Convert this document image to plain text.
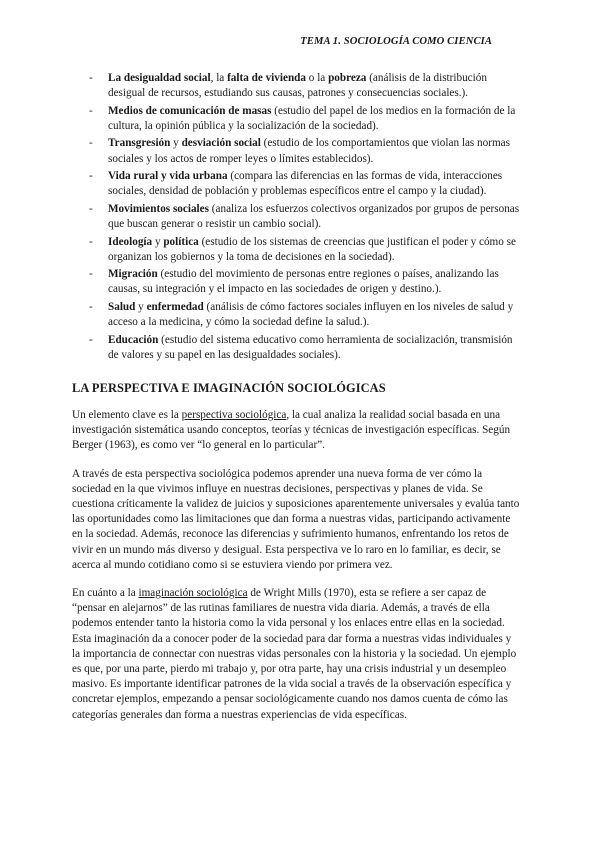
TEMA 1. SOCIOLOGÍA COMO CIENCIA
- La desigualdad social, la falta de vivienda o la pobreza (análisis de la distribución desigual de recursos, estudiando sus causas, patrones y consecuencias sociales.).
- Medios de comunicación de masas (estudio del papel de los medios en la formación de la cultura, la opinión pública y la socialización de la sociedad).
- Transgresión y desviación social (estudio de los comportamientos que violan las normas sociales y los actos de romper leyes o límites establecidos).
- Vida rural y vida urbana (compara las diferencias en las formas de vida, interacciones sociales, densidad de población y problemas específicos entre el campo y la ciudad).
- Movimientos sociales (analiza los esfuerzos colectivos organizados por grupos de personas que buscan generar o resistir un cambio social).
- Ideología y política (estudio de los sistemas de creencias que justifican el poder y cómo se organizan los gobiernos y la toma de decisiones en la sociedad).
- Migración (estudio del movimiento de personas entre regiones o países, analizando las causas, su integración y el impacto en las sociedades de origen y destino.).
- Salud y enfermedad (análisis de cómo factores sociales influyen en los niveles de salud y acceso a la medicina, y cómo la sociedad define la salud.).
- Educación (estudio del sistema educativo como herramienta de socialización, transmisión de valores y su papel en las desigualdades sociales).
LA PERSPECTIVA E IMAGINACIÓN SOCIOLÓGICAS

Un elemento clave es la perspectiva sociológica, la cual analiza la realidad social basada en una investigación sistemática usando conceptos, teorías y técnicas de investigación específicas. Según Berger (1963), es como ver “lo general en lo particular”.

A través de esta perspectiva sociológica podemos aprender una nueva forma de ver cómo la sociedad en la que vivimos influye en nuestras decisiones, perspectivas y planes de vida. Se cuestiona críticamente la validez de juicios y suposiciones aparentemente universales y evalúa tanto las oportunidades como las limitaciones que dan forma a nuestras vidas, participando activamente en la sociedad. Además, reconoce las diferencias y sufrimiento humanos, enfrentando los retos de vivir en un mundo más diverso y desigual. Esta perspectiva ve lo raro en lo familiar, es decir, se acerca al mundo cotidiano como si se estuviera viendo por primera vez.

En cuánto a la imaginación sociológica de Wright Mills (1970), esta se refiere a ser capaz de “pensar en alejarnos” de las rutinas familiares de nuestra vida diaria. Además, a través de ella podemos entender tanto la historia como la vida personal y los enlaces entre ellas en la sociedad. Esta imaginación da a conocer poder de la sociedad para dar forma a nuestras vidas individuales y la importancia de connectar con nuestras vidas personales con la historia y la sociedad. Un ejemplo es que, por una parte, pierdo mi trabajo y, por otra parte, hay una crisis industrial y un desempleo masivo. Es importante identificar patrones de la vida social a través de la observación específica y concretar ejemplos, empezando a pensar sociológicamente cuando nos damos cuenta de cómo las categorías generales dan forma a nuestras experiencias de vida específicas.
